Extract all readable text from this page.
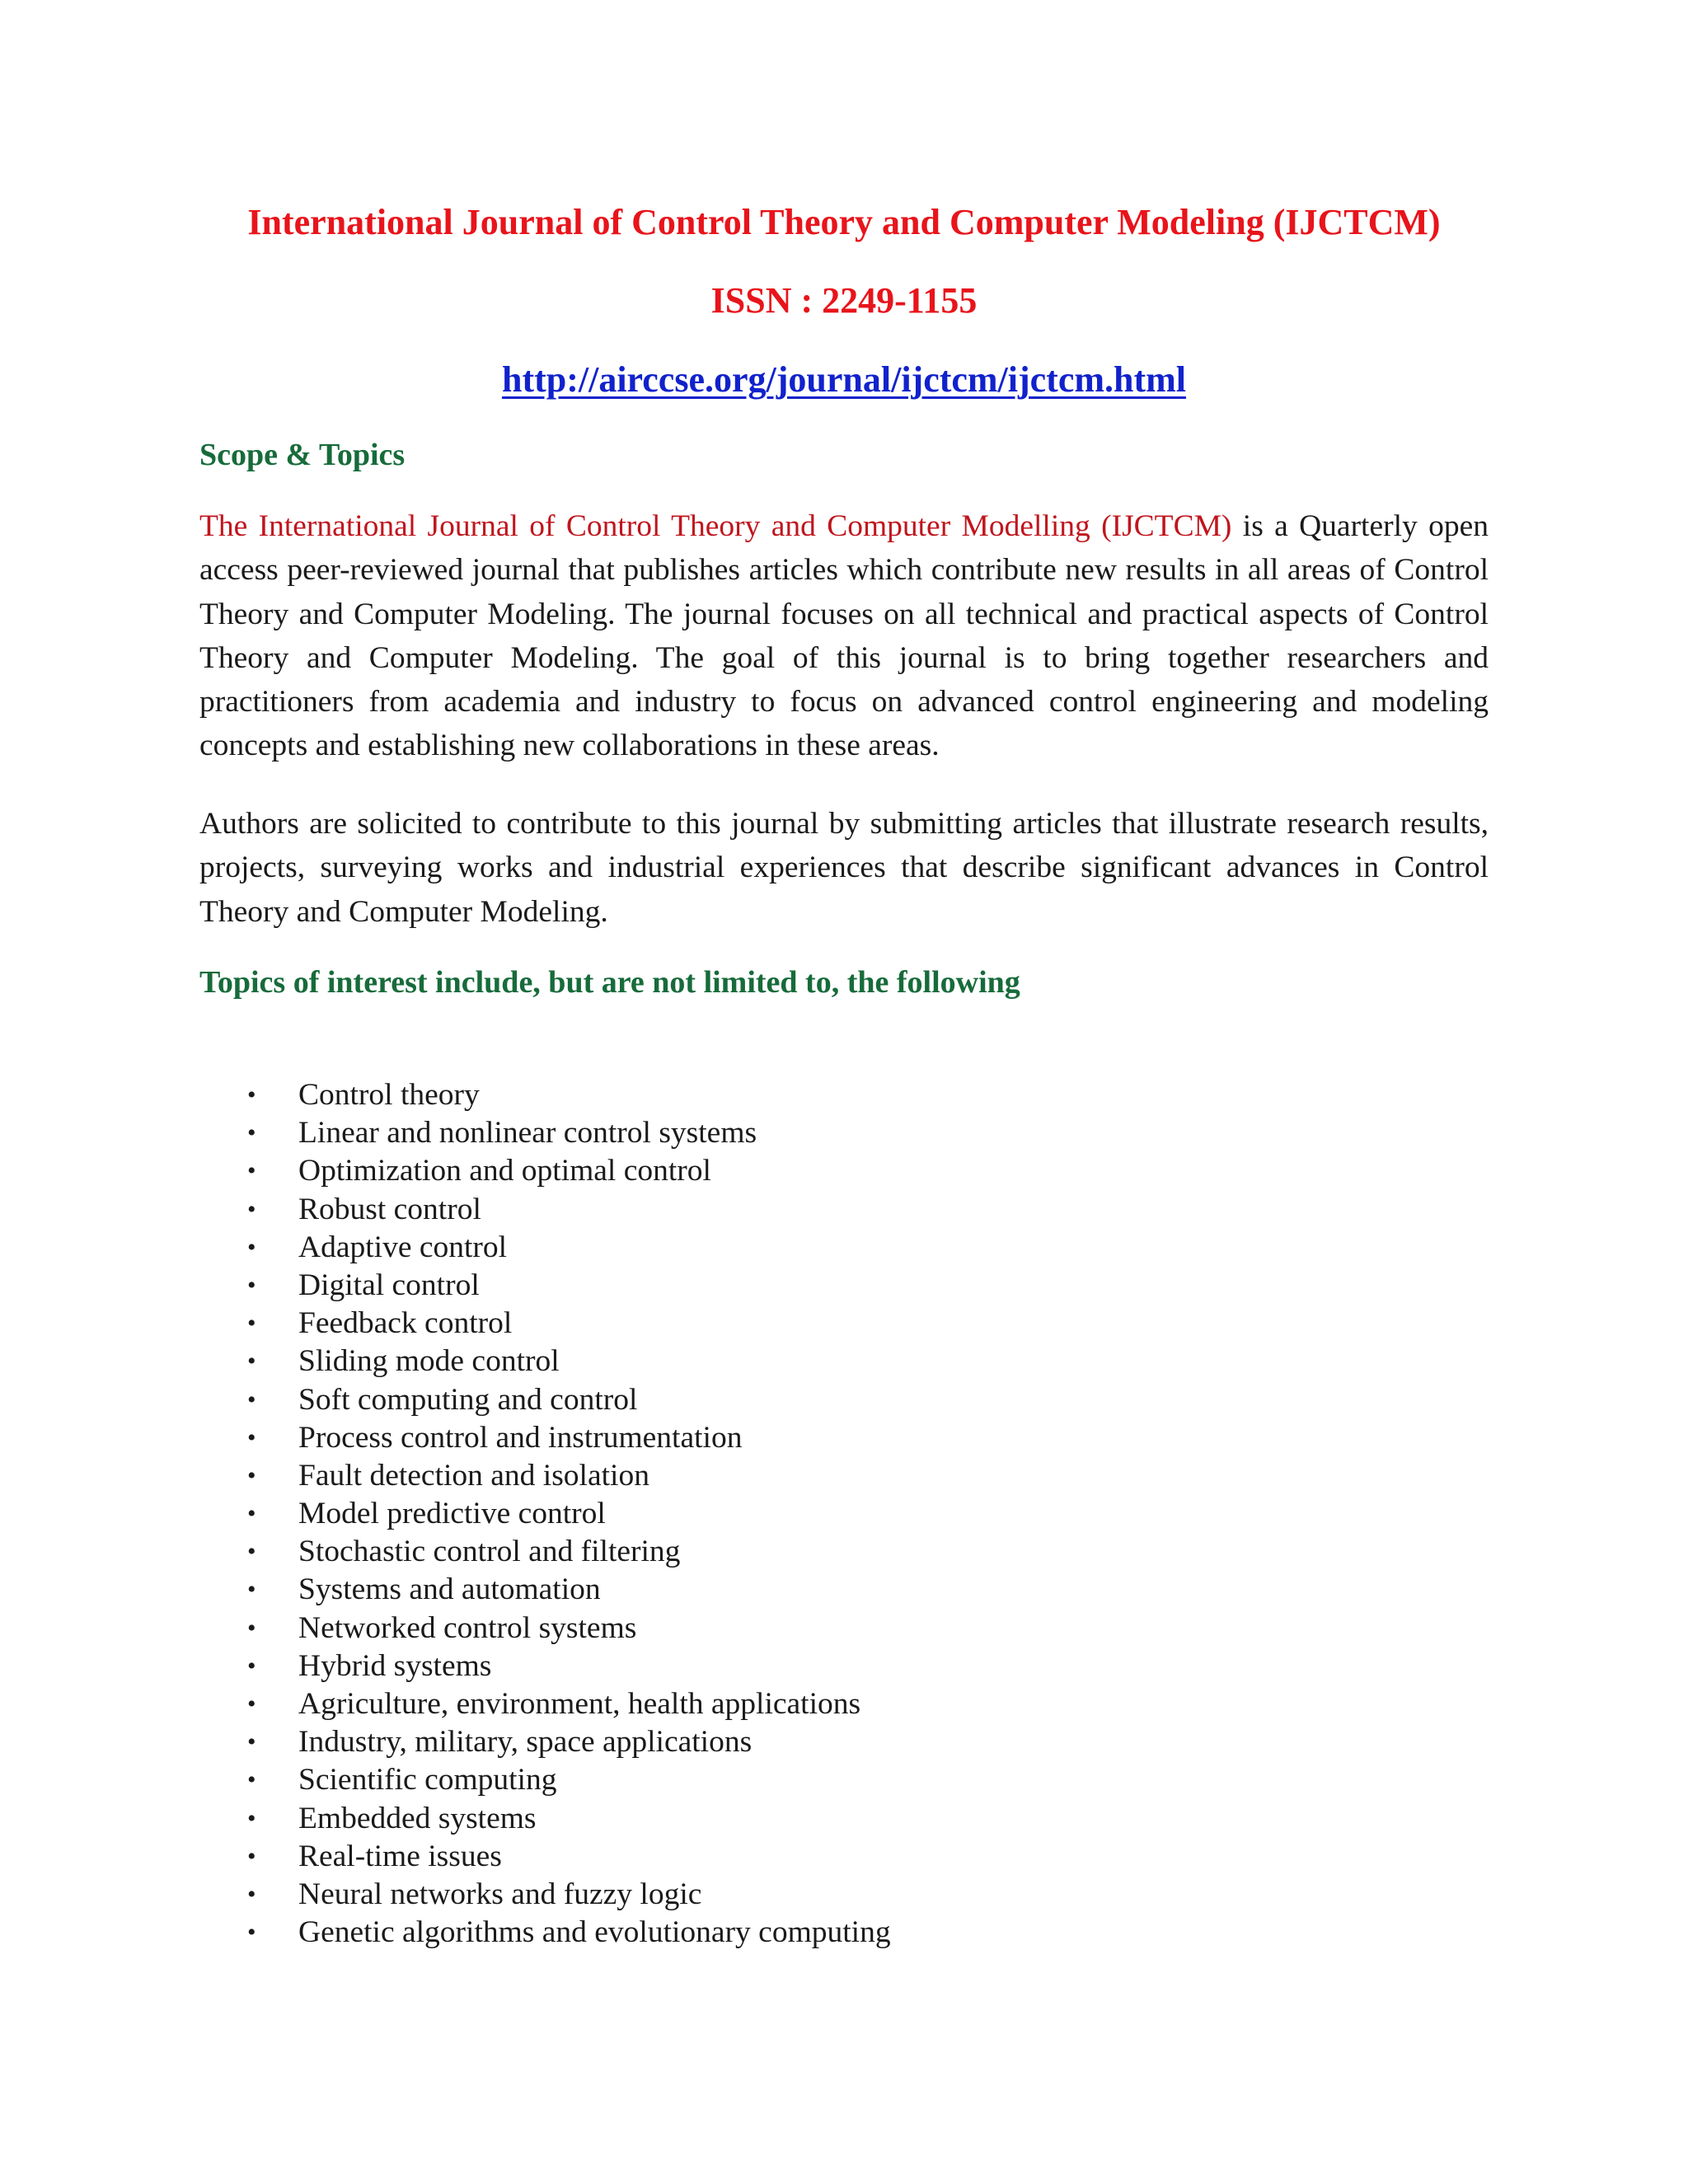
International Journal of Control Theory and Computer Modeling (IJCTCM)
ISSN : 2249-1155
http://airccse.org/journal/ijctcm/ijctcm.html
Scope & Topics

The International Journal of Control Theory and Computer Modelling (IJCTCM) is a Quarterly open access peer-reviewed journal that publishes articles which contribute new results in all areas of Control Theory and Computer Modeling. The journal focuses on all technical and practical aspects of Control Theory and Computer Modeling. The goal of this journal is to bring together researchers and practitioners from academia and industry to focus on advanced control engineering and modeling concepts and establishing new collaborations in these areas.

Authors are solicited to contribute to this journal by submitting articles that illustrate research results, projects, surveying works and industrial experiences that describe significant advances in Control Theory and Computer Modeling.

Topics of interest include, but are not limited to, the following
• Control theory
• Linear and nonlinear control systems
• Optimization and optimal control
• Robust control
• Adaptive control
• Digital control
• Feedback control
• Sliding mode control
• Soft computing and control
• Process control and instrumentation
• Fault detection and isolation
• Model predictive control
• Stochastic control and filtering
• Systems and automation
• Networked control systems
• Hybrid systems
• Agriculture, environment, health applications
• Industry, military, space applications
• Scientific computing
• Embedded systems
• Real-time issues
• Neural networks and fuzzy logic
• Genetic algorithms and evolutionary computing
